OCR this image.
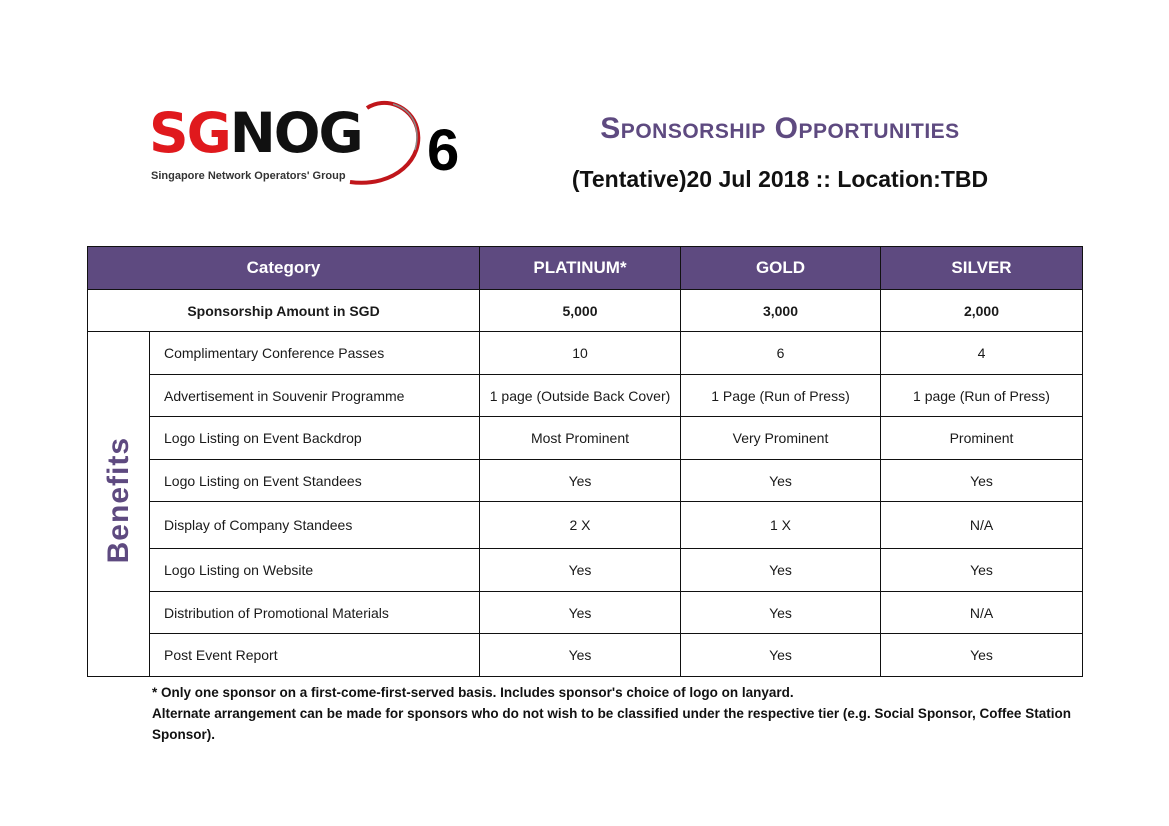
SGNOG
Singapore Network Operators' Group 6	Sponsorship Opportunities
(Tentative)20 Jul 2018 :: Location:TBD
Category		PLATINUM*	GOLD	SILVER
Sponsorship Amount in SGD		5,000	3,000	2,000
Benefits	Complimentary Conference Passes	10	6	4
	Advertisement in Souvenir Programme	1 page (Outside Back Cover)	1 Page (Run of Press)	1 page (Run of Press)
	Logo Listing on Event Backdrop	Most Prominent	Very Prominent	Prominent
	Logo Listing on Event Standees	Yes	Yes	Yes
	Display of Company Standees	2 X	1 X	N/A
	Logo Listing on Website	Yes	Yes	Yes
	Distribution of Promotional Materials	Yes	Yes	N/A
	Post Event Report	Yes	Yes	Yes
* Only one sponsor on a first-come-first-served basis. Includes sponsor's choice of logo on lanyard.
Alternate arrangement can be made for sponsors who do not wish to be classified under the respective tier (e.g. Social Sponsor, Coffee Station Sponsor).
